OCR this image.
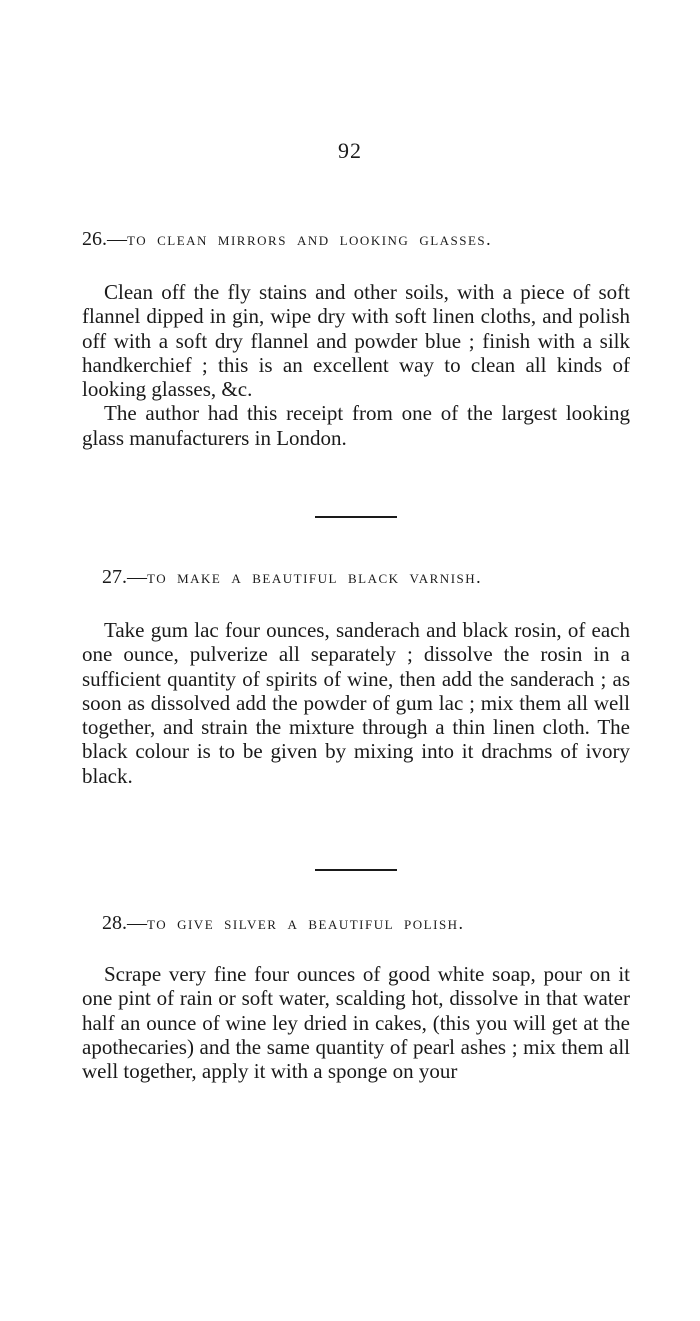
92
26.—to clean mirrors and looking glasses.

Clean off the fly stains and other soils, with a piece of soft flannel dipped in gin, wipe dry with soft linen cloths, and polish off with a soft dry flannel and powder blue ; finish with a silk handkerchief ; this is an excellent way to clean all kinds of looking glasses, &c.

The author had this receipt from one of the largest looking glass manufacturers in London.

27.—to make a beautiful black varnish.

Take gum lac four ounces, sanderach and black rosin, of each one ounce, pulverize all separately ; dissolve the rosin in a sufficient quantity of spirits of wine, then add the sanderach ; as soon as dissolved add the powder of gum lac ; mix them all well together, and strain the mixture through a thin linen cloth. The black colour is to be given by mixing into it drachms of ivory black.

28.—to give silver a beautiful polish.

Scrape very fine four ounces of good white soap, pour on it one pint of rain or soft water, scalding hot, dissolve in that water half an ounce of wine ley dried in cakes, (this you will get at the apothecaries) and the same quantity of pearl ashes ; mix them all well together, apply it with a sponge on your
